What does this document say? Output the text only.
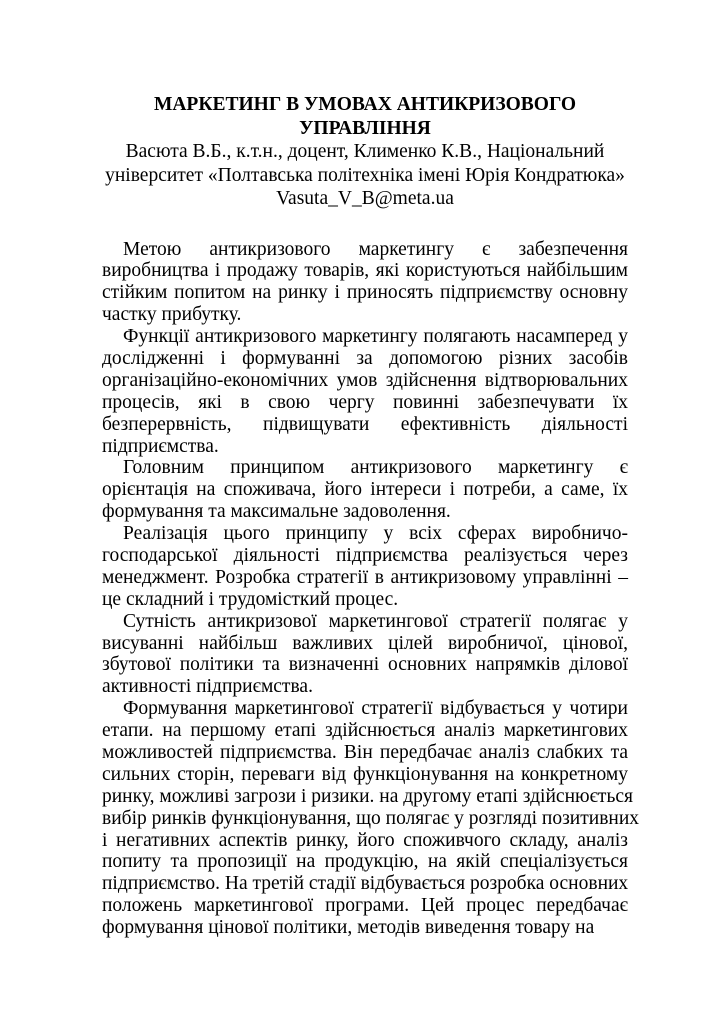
МАРКЕТИНГ В УМОВАХ АНТИКРИЗОВОГО
УПРАВЛІННЯ
Васюта В.Б., к.т.н., доцент, Клименко К.В., Національний
університет «Полтавська політехніка імені Юрія Кондратюка»
Vasuta_V_B@meta.ua
Метою антикризового маркетингу є забезпечення
виробництва і продажу товарів, які користуються найбільшим
стійким попитом на ринку і приносять підприємству основну
частку прибутку.
Функції антикризового маркетингу полягають насамперед у
дослідженні і формуванні за допомогою різних засобів
організаційно-економічних умов здійснення відтворювальних
процесів, які в свою чергу повинні забезпечувати їх
безперервність, підвищувати ефективність діяльності
підприємства.
Головним принципом антикризового маркетингу є
орієнтація на споживача, його інтереси і потреби, а саме, їх
формування та максимальне задоволення.
Реалізація цього принципу у всіх сферах виробничо-
господарської діяльності підприємства реалізується через
менеджмент. Розробка стратегії в антикризовому управлінні –
це складний і трудомісткий процес.
Сутність антикризової маркетингової стратегії полягає у
висуванні найбільш важливих цілей виробничої, цінової,
збутової політики та визначенні основних напрямків ділової
активності підприємства.
Формування маркетингової стратегії відбувається у чотири
етапи. на першому етапі здійснюється аналіз маркетингових
можливостей підприємства. Він передбачає аналіз слабких та
сильних сторін, переваги від функціонування на конкретному
ринку, можливі загрози і ризики. на другому етапі здійснюється
вибір ринків функціонування, що полягає у розгляді позитивних
і негативних аспектів ринку, його споживчого складу, аналіз
попиту та пропозиції на продукцію, на якій спеціалізується
підприємство. На третій стадії відбувається розробка основних
положень маркетингової програми. Цей процес передбачає
формування цінової політики, методів виведення товару на
